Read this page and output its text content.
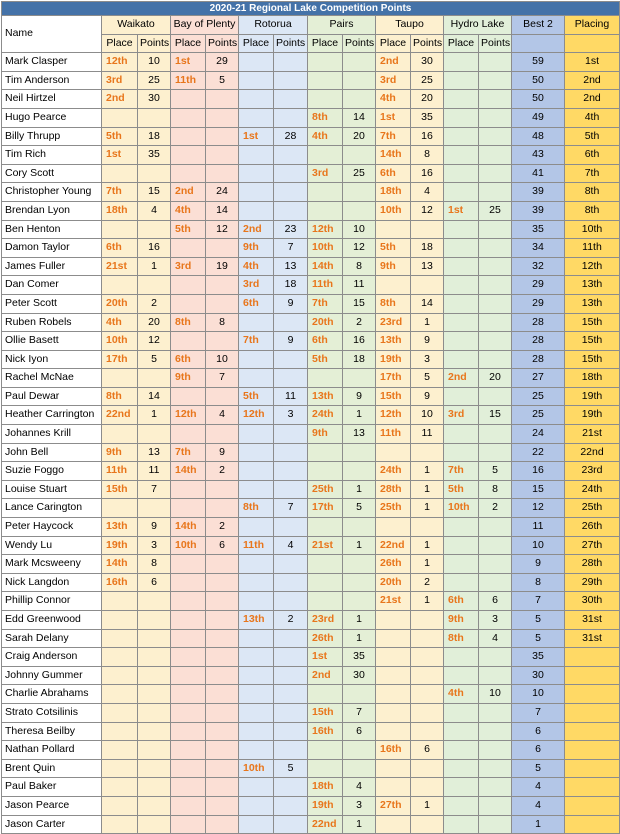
2020-21 Regional Lake Competition Points														
Name	Waikato		Bay of Plenty		Rotorua		Pairs		Taupo		Hydro Lake		Best 2	Placing
	Place	Points	Place	Points	Place	Points	Place	Points	Place	Points	Place	Points		
Mark Clasper	12th	10	1st	29					2nd	30			59	1st
Tim Anderson	3rd	25	11th	5					3rd	25			50	2nd
Neil Hirtzel	2nd	30							4th	20			50	2nd
Hugo Pearce							8th	14	1st	35			49	4th
Billy Thrupp	5th	18			1st	28	4th	20	7th	16			48	5th
Tim Rich	1st	35							14th	8			43	6th
Cory Scott							3rd	25	6th	16			41	7th
Christopher Young	7th	15	2nd	24					18th	4			39	8th
Brendan Lyon	18th	4	4th	14					10th	12	1st	25	39	8th
Ben Henton			5th	12	2nd	23	12th	10					35	10th
Damon Taylor	6th	16			9th	7	10th	12	5th	18			34	11th
James Fuller	21st	1	3rd	19	4th	13	14th	8	9th	13			32	12th
Dan Comer					3rd	18	11th	11					29	13th
Peter Scott	20th	2			6th	9	7th	15	8th	14			29	13th
Ruben Robels	4th	20	8th	8			20th	2	23rd	1			28	15th
Ollie Basett	10th	12			7th	9	6th	16	13th	9			28	15th
Nick Iyon	17th	5	6th	10			5th	18	19th	3			28	15th
Rachel McNae			9th	7					17th	5	2nd	20	27	18th
Paul Dewar	8th	14			5th	11	13th	9	15th	9			25	19th
Heather Carrington	22nd	1	12th	4	12th	3	24th	1	12th	10	3rd	15	25	19th
Johannes Krill							9th	13	11th	11			24	21st
John Bell	9th	13	7th	9									22	22nd
Suzie Foggo	11th	11	14th	2					24th	1	7th	5	16	23rd
Louise Stuart	15th	7					25th	1	28th	1	5th	8	15	24th
Lance Carington					8th	7	17th	5	25th	1	10th	2	12	25th
Peter Haycock	13th	9	14th	2									11	26th
Wendy Lu	19th	3	10th	6	11th	4	21st	1	22nd	1			10	27th
Mark Mcsweeny	14th	8							26th	1			9	28th
Nick Langdon	16th	6							20th	2			8	29th
Phillip Connor									21st	1	6th	6	7	30th
Edd Greenwood					13th	2	23rd	1			9th	3	5	31st
Sarah Delany							26th	1			8th	4	5	31st
Craig Anderson							1st	35					35	
Johnny Gummer							2nd	30					30	
Charlie Abrahams											4th	10	10	
Strato Cotsilinis							15th	7					7	
Theresa Beilby							16th	6					6	
Nathan Pollard									16th	6			6	
Brent Quin					10th	5							5	
Paul Baker							18th	4					4	
Jason Pearce							19th	3	27th	1			4	
Jason Carter							22nd	1					1	
